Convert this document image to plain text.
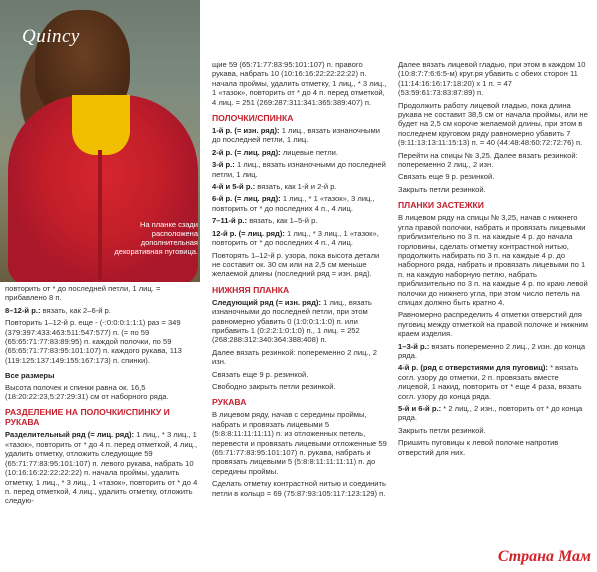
Quincy
На планке сзади расположена дополнительная декоративная пуговица.

повторить от * до последней петли, 1 лиц. = прибавлено 8 п.

8–12-й р.: вязать, как 2–6-й р.

Повторить 1–12-й р. еще - (-:0:0:0:1:1:1) раз = 349 (379:397:433:463:511:547:577) п. (= по 59 (65:65:71:77:83:89:95) п. каждой полочки, по 59 (65:65:71:77:83:95:101:107) п. каждого рукава, 113 (119:125:137:149:155:167:173) п. спинки).

Все размеры

Высота полочек и спинки равна ок. 16,5 (18:20:22:23,5:27:29:31) см от наборного ряда.

РАЗДЕЛЕНИЕ НА ПОЛОЧКИ/СПИНКУ И РУКАВА

Разделительный ряд (= лиц. ряд): 1 лиц., * 3 лиц., 1 «тазок», повторить от * до 4 п. перед отметкой, 4 лиц., удалить отметку, отложить следующие 59 (65:71:77:83:95:101:107) п. левого рукава, набрать 10 (10:16:16:22:22:22:22) п. начала проймы, удалить отметку, 1 лиц., * 3 лиц., 1 «тазок», повторить от * до 4 п. перед отметкой, 4 лиц., удалить отметку, отложить следую-

щие 59 (65:71:77:83:95:101:107) п. правого рукава, набрать 10 (10:16:16:22:22:22:22) п. начала проймы, удалить отметку, 1 лиц., * 3 лиц., 1 «тазок», повторить от * до 4 п. перед отметкой, 4 лиц. = 251 (269:287:311:341:365:389:407) п.

ПОЛОЧКИ/СПИНКА

1-й р. (= изн. ряд): 1 лиц., вязать изнаночными до последней петли, 1 лиц.

2-й р. (= лиц. ряд): лицевые петли.

3-й р.: 1 лиц., вязать изнаночными до последней петли, 1 лиц.

4-й и 5-й р.: вязать, как 1-й и 2-й р.

6-й р. (= лиц. ряд): 1 лиц., * 1 «тазок», 3 лиц., повторить от * до последних 4 п., 4 лиц.

7–11-й р.: вязать, как 1–5-й р.

12-й р. (= лиц. ряд): 1 лиц., * 3 лиц., 1 «тазок», повторить от * до последних 4 п., 4 лиц.

Повторять 1–12-й р. узора, пока высота детали не составит ок. 30 см или на 2,5 см меньше желаемой длины (последний ряд = изн. ряд).

НИЖНЯЯ ПЛАНКА

Следующий ряд (= изн. ряд): 1 лиц., вязать изнаночными до последней петли, при этом равномерно убавить 0 (1:0:0:1:1:0) п. или прибавить 1 (0:2:2:1:0:1:0) п., 1 лиц. = 252 (268:288:312:340:364:388:408) п.

Далее вязать резинкой: попеременно 2 лиц., 2 изн.

Связать еще 9 р. резинкой.

Свободно закрыть петли резинкой.

РУКАВА

В лицевом ряду, начав с середины проймы, набрать и провязать лицевыми 5 (5:8:8:11:11:11:11) п. из отложенных петель, перевести и провязать лицевыми отложенные 59 (65:71:77:83:95:101:107) п. рукава, набрать и провязать лицевыми 5 (5:8:8:11:11:11:11) п. до середины проймы.

Сделать отметку контрастной нитью и соединить петли в кольцо = 69 (75:87:93:105:117:123:129) п.

Далее вязать лицевой гладью, при этом в каждом 10 (10:8:7:7:6:6:5-м) круг.ря убавить с обеих сторон 11 (11:14:16:16:17:18:20) х 1 п. = 47 (53:59:61:73:83:87:89) п.

Продолжить работу лицевой гладью, пока длина рукава не составит 38,5 см от начала проймы, или не будет на 2,5 см короче желаемой длины, при этом в последнем круговом ряду равномерно убавить 7 (9:11:13:13:11:15:13) п. = 40 (44:48:48:60:72:72:76) п.

Перейти на спицы № 3,25. Далее вязать резинкой: попеременно 2 лиц., 2 изн.

Связать еще 9 р. резинкой.

Закрыть петли резинкой.

ПЛАНКИ ЗАСТЕЖКИ

В лицевом ряду на спицы № 3,25, начав с нижнего угла правой полочки, набрать и провязать лицевыми приблизительно по 3 п. на каждые 4 р. до начала горловины, сделать отметку контрастной нитью, продолжить набирать по 3 п. на каждые 4 р. до наборного ряда, набрать и провязать лицевыми по 1 п. на каждую наборную петлю, набрать приблизительно по 3 п. на каждые 4 р. по краю левой полочки до нижнего угла, при этом число петель на спицах должно быть кратно 4.

Равномерно распределить 4 отметки отверстий для пуговиц между отметкой на правой полочке и нижним краем изделия.

1–3-й р.: вязать попеременно 2 лиц., 2 изн. до конца ряда.

4-й р. (ряд с отверстиями для пуговиц): * вязать согл. узору до отметки, 2 п. провязать вместе лицевой, 1 накид, повторить от * еще 4 раза, вязать согл. узору до конца ряда.

5-й и 6-й р.: * 2 лиц., 2 изн., повторить от * до конца ряда.

Закрыть петли резинкой.

Пришить пуговицы к левой полочке напротив отверстий для них.

Страна Мам
